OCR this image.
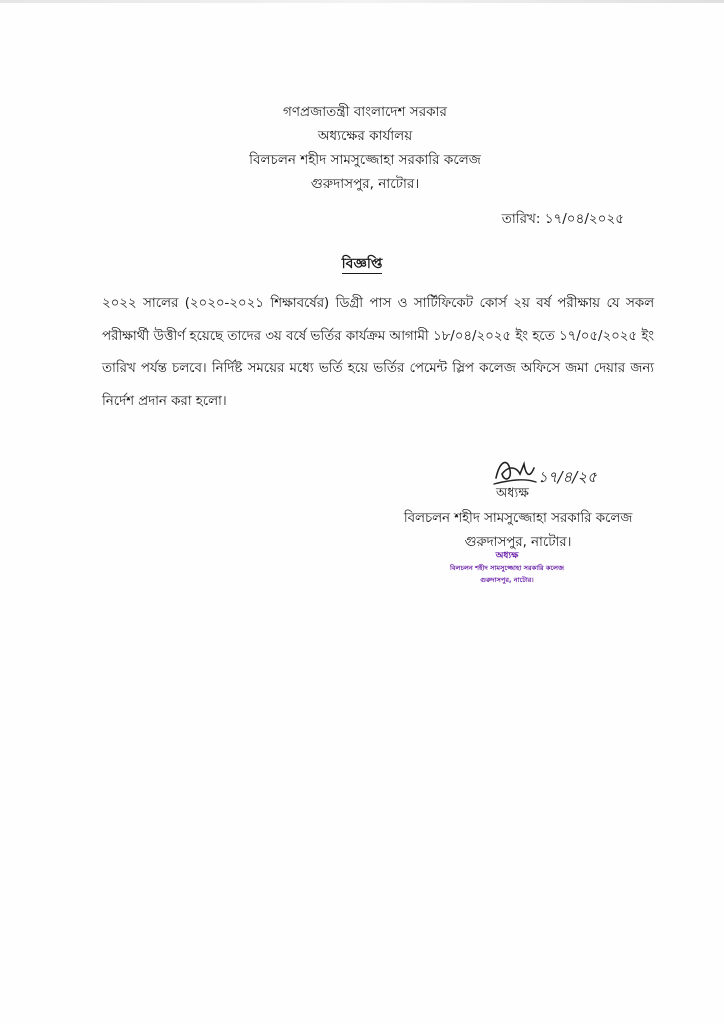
গণপ্রজাতন্ত্রী বাংলাদেশ সরকার
অধ্যক্ষের কার্যালয়
বিলচলন শহীদ সামসুজ্জোহা সরকারি কলেজ
গুরুদাসপুর, নাটোর।
তারিখ: ১৭/০৪/২০২৫
বিজ্ঞপ্তি
২০২২ সালের (২০২০-২০২১ শিক্ষাবর্ষের) ডিগ্রী পাস ও সার্টিফিকেট কোর্স ২য় বর্ষ পরীক্ষায় যে সকল পরীক্ষার্থী উত্তীর্ণ হয়েছে তাদের ৩য় বর্ষে ভর্তির কার্যক্রম আগামী ১৮/০৪/২০২৫ ইং হতে ১৭/০৫/২০২৫ ইং তারিখ পর্যন্ত চলবে। নির্দিষ্ট সময়ের মধ্যে ভর্তি হয়ে ভর্তির পেমেন্ট স্লিপ কলেজ অফিসে জমা দেয়ার জন্য নির্দেশ প্রদান করা হলো।
১৭/৪/২৫
অধ্যক্ষ
বিলচলন শহীদ সামসুজ্জোহা সরকারি কলেজ
গুরুদাসপুর, নাটোর।
অধ্যক্ষ
বিলচলন শহীদ সামসুজ্জোহা সরকারি কলেজ
গুরুদাসপুর, নাটোর।
